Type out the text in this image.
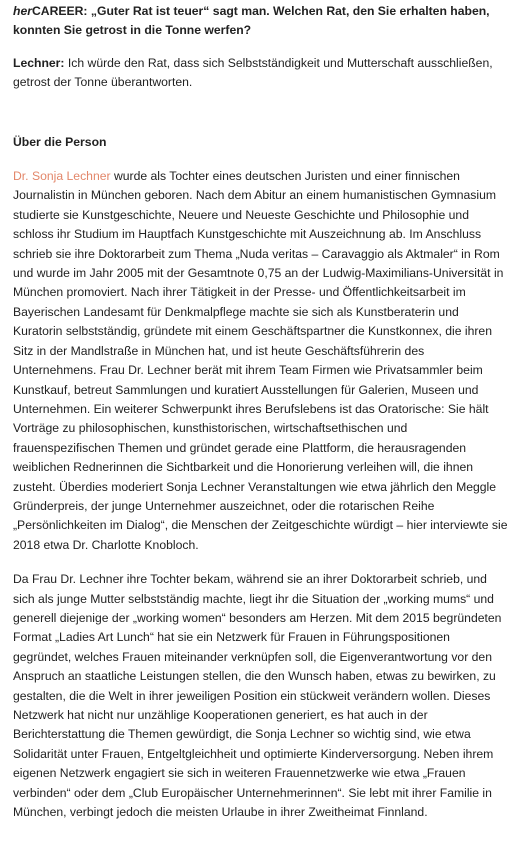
herCAREER: „Guter Rat ist teuer“ sagt man. Welchen Rat, den Sie erhalten haben, konnten Sie getrost in die Tonne werfen?

Lechner: Ich würde den Rat, dass sich Selbstständigkeit und Mutterschaft ausschließen, getrost der Tonne überantworten.

Über die Person

Dr. Sonja Lechner wurde als Tochter eines deutschen Juristen und einer finnischen Journalistin in München geboren. Nach dem Abitur an einem humanistischen Gymnasium studierte sie Kunstgeschichte, Neuere und Neueste Geschichte und Philosophie und schloss ihr Studium im Hauptfach Kunstgeschichte mit Auszeichnung ab. Im Anschluss schrieb sie ihre Doktorarbeit zum Thema „Nuda veritas – Caravaggio als Aktmaler“ in Rom und wurde im Jahr 2005 mit der Gesamtnote 0,75 an der Ludwig-Maximilians-Universität in München promoviert. Nach ihrer Tätigkeit in der Presse- und Öffentlichkeitsarbeit im Bayerischen Landesamt für Denkmalpflege machte sie sich als Kunstberaterin und Kuratorin selbstständig, gründete mit einem Geschäftspartner die Kunstkonnex, die ihren Sitz in der Mandlstraße in München hat, und ist heute Geschäftsführerin des Unternehmens. Frau Dr. Lechner berät mit ihrem Team Firmen wie Privatsammler beim Kunstkauf, betreut Sammlungen und kuratiert Ausstellungen für Galerien, Museen und Unternehmen. Ein weiterer Schwerpunkt ihres Berufslebens ist das Oratorische: Sie hält Vorträge zu philosophischen, kunsthistorischen, wirtschaftsethischen und frauenspezifischen Themen und gründet gerade eine Plattform, die herausragenden weiblichen Rednerinnen die Sichtbarkeit und die Honorierung verleihen will, die ihnen zusteht. Überdies moderiert Sonja Lechner Veranstaltungen wie etwa jährlich den Meggle Gründerpreis, der junge Unternehmer auszeichnet, oder die rotarischen Reihe „Persönlichkeiten im Dialog“, die Menschen der Zeitgeschichte würdigt – hier interviewte sie 2018 etwa Dr. Charlotte Knobloch.

Da Frau Dr. Lechner ihre Tochter bekam, während sie an ihrer Doktorarbeit schrieb, und sich als junge Mutter selbstständig machte, liegt ihr die Situation der „working mums“ und generell diejenige der „working women“ besonders am Herzen. Mit dem 2015 begründeten Format „Ladies Art Lunch“ hat sie ein Netzwerk für Frauen in Führungspositionen gegründet, welches Frauen miteinander verknüpfen soll, die Eigenverantwortung vor den Anspruch an staatliche Leistungen stellen, die den Wunsch haben, etwas zu bewirken, zu gestalten, die die Welt in ihrer jeweiligen Position ein stückweit verändern wollen. Dieses Netzwerk hat nicht nur unzählige Kooperationen generiert, es hat auch in der Berichterstattung die Themen gewürdigt, die Sonja Lechner so wichtig sind, wie etwa Solidarität unter Frauen, Entgeltgleichheit und optimierte Kinderversorgung. Neben ihrem eigenen Netzwerk engagiert sie sich in weiteren Frauennetzwerke wie etwa „Frauen verbinden“ oder dem „Club Europäischer Unternehmerinnen“. Sie lebt mit ihrer Familie in München, verbingt jedoch die meisten Urlaube in ihrer Zweitheimat Finnland.
